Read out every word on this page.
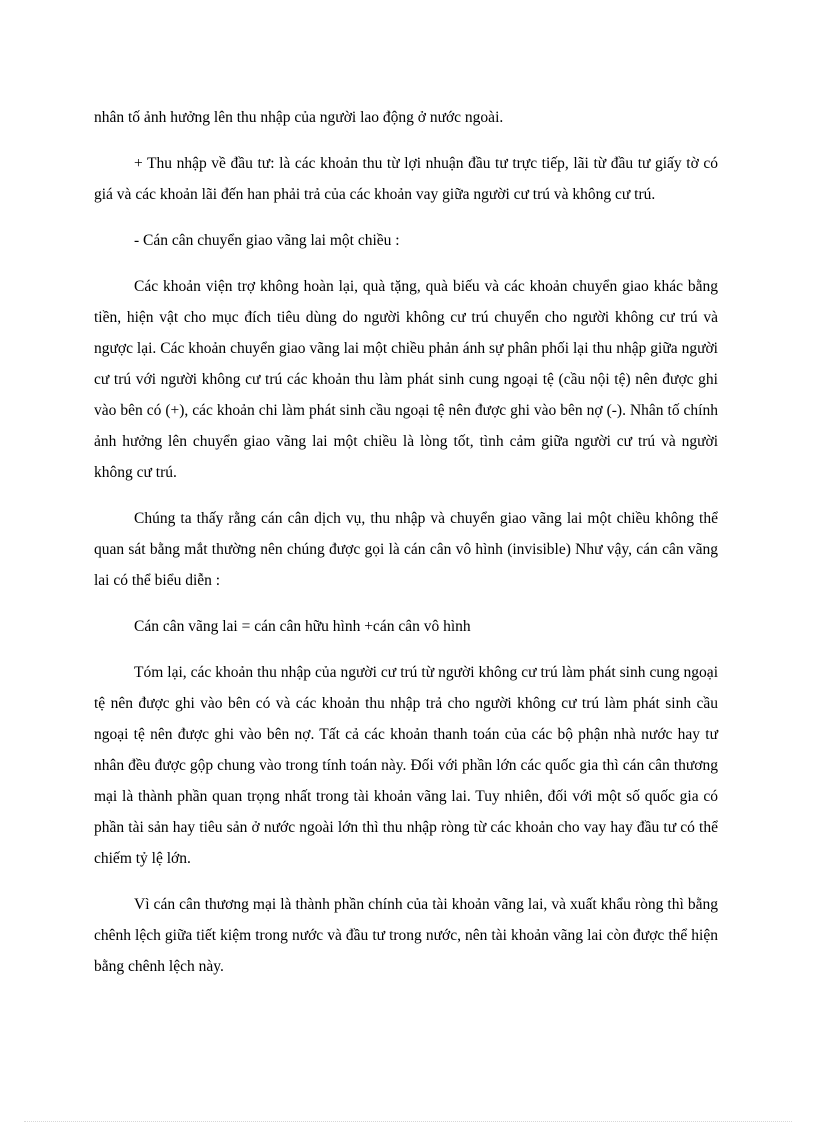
nhân tố ảnh hưởng lên thu nhập của người lao động ở nước ngoài.

+ Thu nhập về đầu tư: là các khoản thu từ lợi nhuận đầu tư trực tiếp, lãi từ đầu tư giấy tờ có giá và các khoản lãi đến han phải trả của các khoản vay giữa người cư trú và không cư trú.

- Cán cân chuyển giao vãng lai một chiều :

Các khoản viện trợ không hoàn lại, quà tặng, quà biếu và các khoản chuyển giao khác bằng tiền, hiện vật cho mục đích tiêu dùng do người không cư trú chuyển cho người không cư trú và ngược lại. Các khoản chuyển giao vãng lai một chiều phản ánh sự phân phối lại thu nhập giữa người cư trú với người không cư trú các khoản thu làm phát sinh cung ngoại tệ (cầu nội tệ) nên được ghi vào bên có (+), các khoản chi làm phát sinh cầu ngoại tệ nên được ghi vào bên nợ (-). Nhân tố chính ảnh hưởng lên chuyển giao vãng lai một chiều là lòng tốt, tình cảm giữa người cư trú và người không cư trú.

Chúng ta thấy rằng cán cân dịch vụ, thu nhập và chuyển giao vãng lai một chiều không thể quan sát bằng mắt thường nên chúng được gọi là cán cân vô hình (invisible) Như vậy, cán cân vãng lai có thể biểu diễn :

Cán cân vãng lai = cán cân hữu hình +cán cân vô hình

Tóm lại, các khoản thu nhập của người cư trú từ người không cư trú làm phát sinh cung ngoại tệ nên được ghi vào bên có và các khoản thu nhập trả cho người không cư trú làm phát sinh cầu ngoại tệ nên được ghi vào bên nợ. Tất cả các khoản thanh toán của các bộ phận nhà nước hay tư nhân đều được gộp chung vào trong tính toán này. Đối với phần lớn các quốc gia thì cán cân thương mại là thành phần quan trọng nhất trong tài khoản vãng lai. Tuy nhiên, đối với một số quốc gia có phần tài sản hay tiêu sản ở nước ngoài lớn thì thu nhập ròng từ các khoản cho vay hay đầu tư có thể chiếm tỷ lệ lớn.

Vì cán cân thương mại là thành phần chính của tài khoản vãng lai, và xuất khẩu ròng thì bằng chênh lệch giữa tiết kiệm trong nước và đầu tư trong nước, nên tài khoản vãng lai còn được thể hiện bằng chênh lệch này.
